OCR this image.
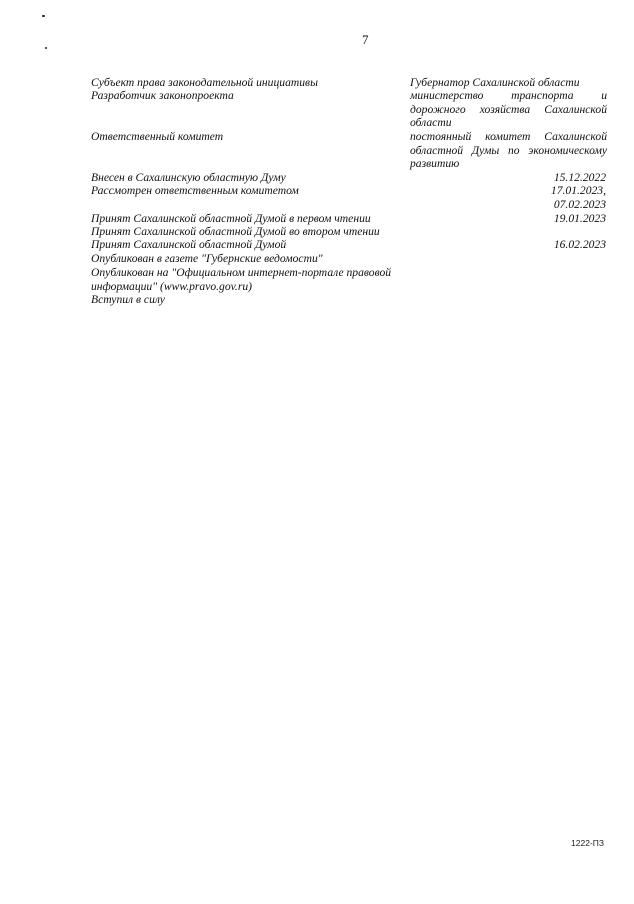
7
Субъект права законодательной инициативы	Губернатор Сахалинской области
Разработчик законопроекта	министерство транспорта и дорожного хозяйства Сахалинской области
Ответственный комитет	постоянный комитет Сахалинской областной Думы по экономическому развитию
Внесен в Сахалинскую областную Думу	15.12.2022
Рассмотрен ответственным комитетом	17.01.2023,
07.02.2023
Принят Сахалинской областной Думой в первом чтении	19.01.2023
Принят Сахалинской областной Думой во втором чтении
Принят Сахалинской областной Думой	16.02.2023
Опубликован в газете "Губернские ведомости"
Опубликован на "Официальном интернет-портале правовой информации" (www.pravo.gov.ru)
Вступил в силу
1222-ПЗ
